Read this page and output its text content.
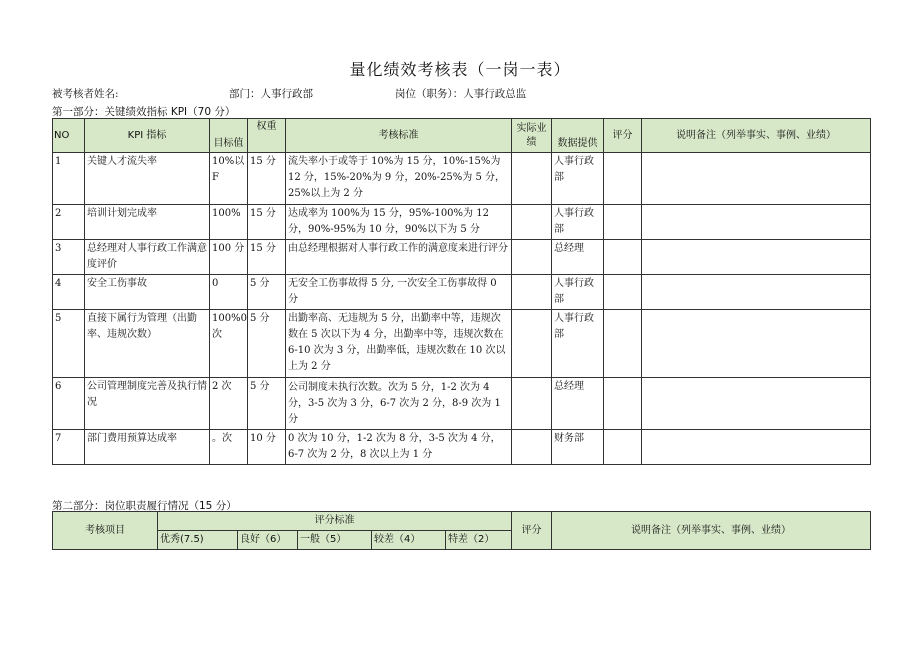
量化绩效考核表（一岗一表）
被考核者姓名:	部门：人事行政部	岗位（职务）：人事行政总监
第一部分：关键绩效指标 KPI（70 分）
NO	KPI 指标	目标值	权重	考核标准	实际业绩	数据提供	评分	说明备注（列举事实、事例、业绩）
1	关键人才流失率	10%以 F	15 分	流失率小于或等于 10%为 15 分，10%-15%为 12 分，15%-20%为 9 分，20%-25%为 5 分，25%以上为 2 分		人事行政部		
2	培训计划完成率	100%	15 分	达成率为 100%为 15 分，95%-100%为 12 分，90%-95%为 10 分，90%以下为 5 分		人事行政部		
3	总经理对人事行政工作满意度评价	100 分	15 分	由总经理根据对人事行政工作的满意度来进行评分		总经理		
4	安全工伤事故	0	5 分	无安全工伤事故得 5 分, 一次安全工伤事故得 0 分		人事行政部		
5	直接下属行为管理（出勤率、违规次数）	100%0 次	5 分	出勤率高、无违规为 5 分，出勤率中等，违规次数在 5 次以下为 4 分，出勤率中等，违规次数在 6-10 次为 3 分，出勤率低，违规次数在 10 次以上为 2 分		人事行政部		
6	公司管理制度完善及执行情况	2 次	5 分	公司制度未执行次数。次为 5 分，1-2 次为 4 分，3-5 次为 3 分，6-7 次为 2 分，8-9 次为 1 分		总经理		
7	部门费用预算达成率	。次	10 分	0 次为 10 分，1-2 次为 8 分，3-5 次为 4 分，6-7 次为 2 分，8 次以上为 1 分		财务部		
第二部分：岗位职责履行情况（15 分）
考核项目	评分标准					评分	说明备注（列举事实、事例、业绩）
	优秀(7.5)	良好（6）	一般（5）	较差（4）	特差（2）		
